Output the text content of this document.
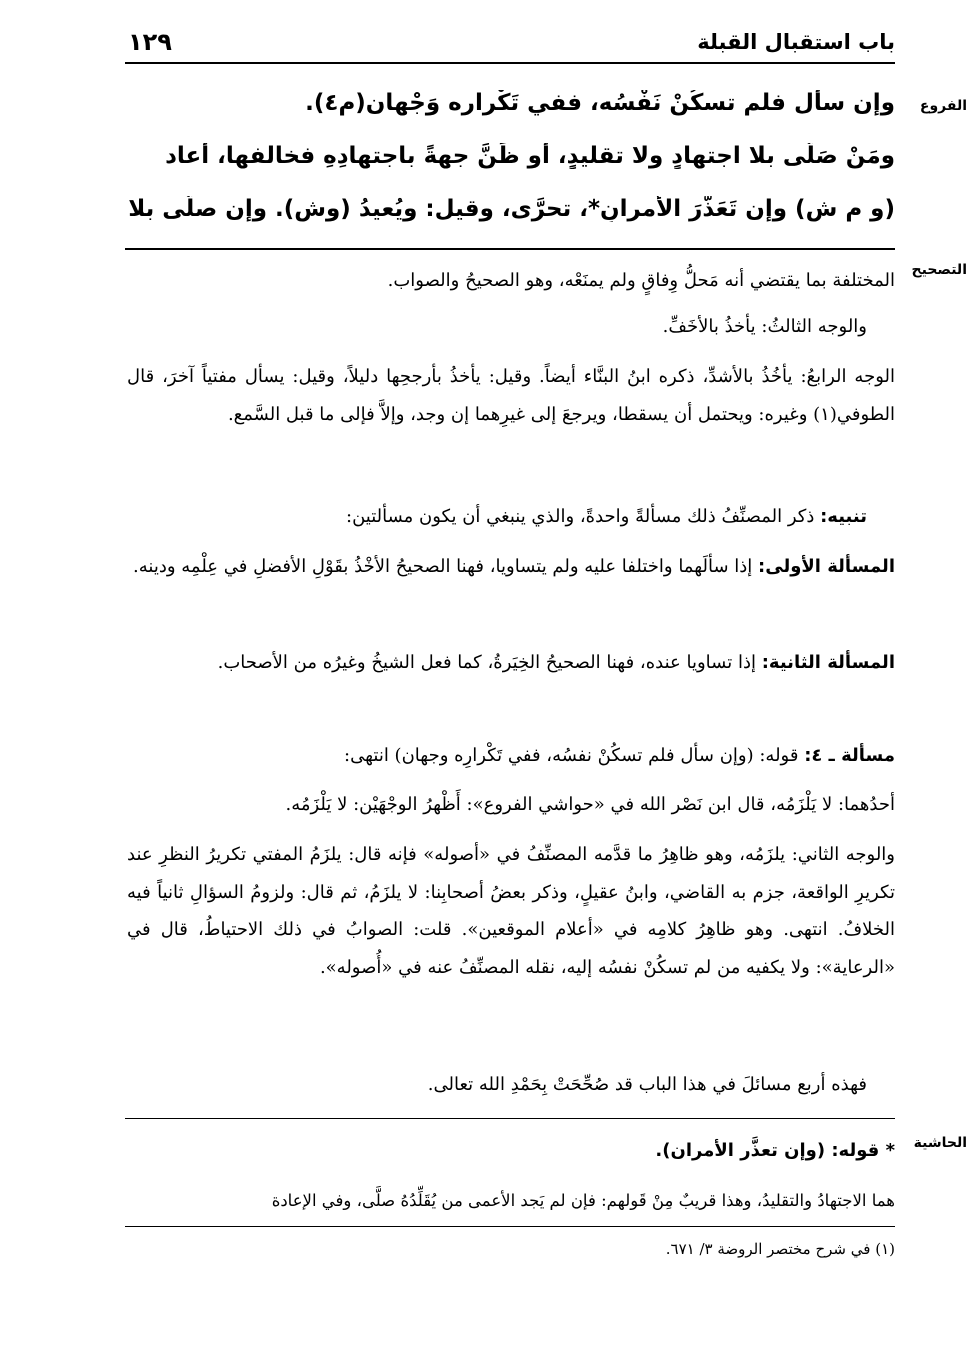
باب استقبال القبلة
١٢٩
الفروع
التصحيح
الحاشية
وإن سأل فلم تسكُنْ نَفْسُه، ففي تَكْرارِه وَجْهان(م٤).
ومَنْ صَلَّى بلا اجتهادٍ ولا تقليدٍ، أو ظَنَّ جهةً باجتهادِهِ فخالفها، أعاد
(و م ش) وإن تَعَذَّرَ الأمرانِ*، تحرَّى، وقيل: ويُعيدُ (وش). وإن صلَّى بلا
المختلفة بما يقتضي أنه مَحلُّ وِفاقٍ ولم يمنَعْه، وهو الصحيحُ والصواب.
والوجه الثالثُ: يأخذُ بالأخَفِّ.
الوجه الرابعُ: يأخُذُ بالأشدِّ، ذكره ابنُ البنَّاء أيضاً. وقيل: يأخذُ بأرجحِها دليلاً، وقيل: يسأل مفتياً آخرَ، قال الطوفي(١) وغيره: ويحتمل أن يسقطا، ويرجعَ إلى غيرِهما إن وجد، وإلاَّ فإلى ما قبل السَّمع.
تنبيه: ذكر المصنِّفُ ذلك مسألةً واحدةً، والذي ينبغي أن يكون مسألتين:
المسألة الأولى: إذا سألَهما واختلفا عليه ولم يتساويا، فهنا الصحيحُ الأخْذُ بقَوْلِ الأفضلِ في عِلْمِه ودينه.
المسألة الثانية: إذا تساويا عنده، فهنا الصحيحُ الخِيَرةُ، كما فعل الشيخُ وغيرُه من الأصحاب.
مسألة ـ ٤: قوله: (وإن سأل فلم تسكُنْ نفسُه، ففي تَكْرارِه وجهان) انتهى:
أحدُهما: لا يَلْزَمُه، قال ابن نَصْر الله في «حواشي الفروع»: أَظْهرُ الوجْهَيْن: لا يَلْزَمُه.
والوجه الثاني: يلزَمُه، وهو ظاهِرُ ما قدَّمه المصنِّفُ في «أصوله» فإنه قال: يلزَمُ المفتي تكريرُ النظرِ عند تكريرِ الواقعة، جزم به القاضي، وابنُ عقيلٍ، وذكر بعضُ أصحابِنا: لا يلزَمُ، ثم قال: ولزومُ السؤالِ ثانياً فيه الخلافُ. انتهى. وهو ظاهِرُ كلامِه في «أعلام الموقعين». قلت: الصوابُ في ذلك الاحتياطُ، قال في «الرعاية»: ولا يكفيه من لم تسكُنْ نفسُه إليه، نقله المصنِّفُ عنه في «أُصوله».
فهذه أربع مسائلَ في هذا الباب قد صُحِّحَتْ بِحَمْدِ الله تعالى.
* قوله: (وإن تعذَّر الأمران).
هما الاجتهادُ والتقليدُ، وهذا قريبٌ مِنْ قَولهم: فإن لم يَجد الأعمى من يُقَلِّدُهُ صلَّى، وفي الإعادة
(١) في شرح مختصر الروضة ٣/ ٦٧١.
